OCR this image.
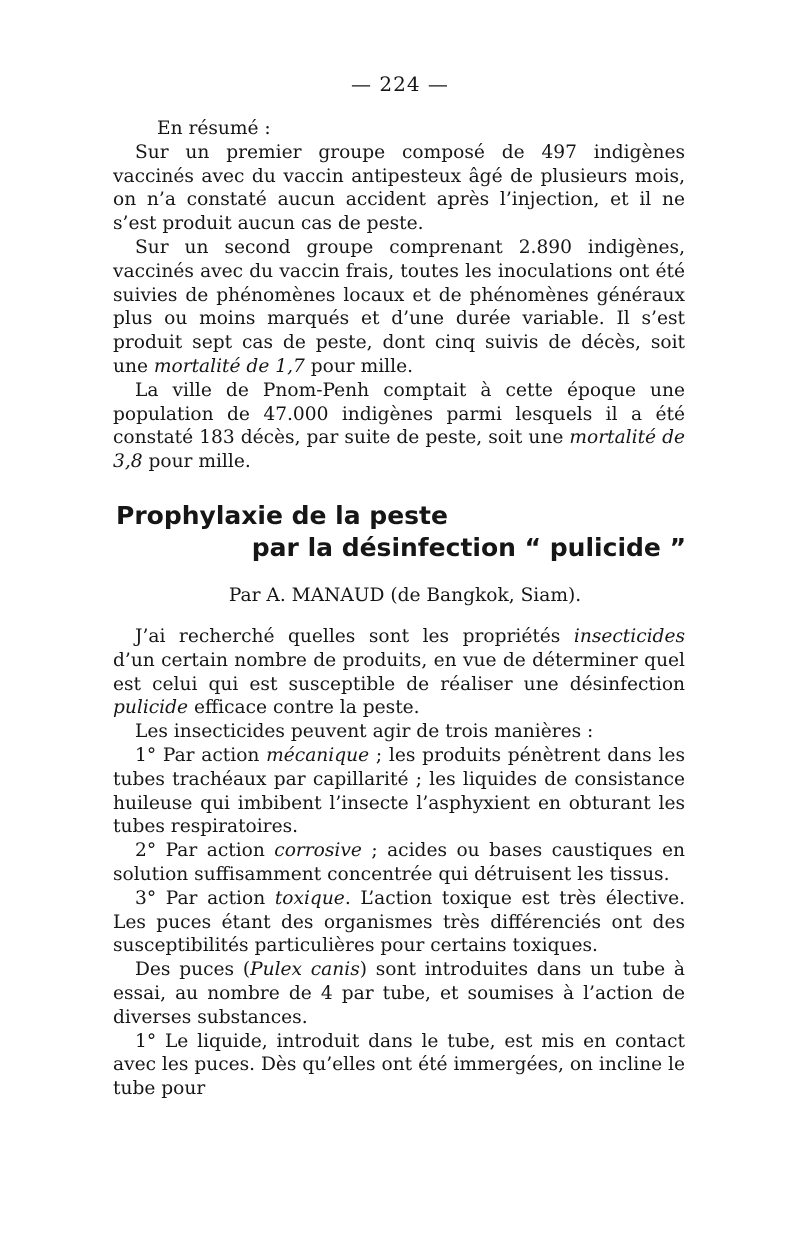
— 224 —

En résumé :

Sur un premier groupe composé de 497 indigènes vaccinés avec du vaccin antipesteux âgé de plusieurs mois, on n’a constaté aucun accident après l’injection, et il ne s’est produit aucun cas de peste.

Sur un second groupe comprenant 2.890 indigènes, vaccinés avec du vaccin frais, toutes les inoculations ont été suivies de phénomènes locaux et de phénomènes généraux plus ou moins marqués et d’une durée variable. Il s’est produit sept cas de peste, dont cinq suivis de décès, soit une mortalité de 1,7 pour mille.

La ville de Pnom-Penh comptait à cette époque une population de 47.000 indigènes parmi lesquels il a été constaté 183 décès, par suite de peste, soit une mortalité de 3,8 pour mille.

Prophylaxie de la peste
par la désinfection “ pulicide ”
Par A. MANAUD (de Bangkok, Siam).

J’ai recherché quelles sont les propriétés insecticides d’un certain nombre de produits, en vue de déterminer quel est celui qui est susceptible de réaliser une désinfection pulicide efficace contre la peste.

Les insecticides peuvent agir de trois manières :

1° Par action mécanique ; les produits pénètrent dans les tubes trachéaux par capillarité ; les liquides de consistance huileuse qui imbibent l’insecte l’asphyxient en obturant les tubes respiratoires.

2° Par action corrosive ; acides ou bases caustiques en solution suffisamment concentrée qui détruisent les tissus.

3° Par action toxique. L’action toxique est très élective. Les puces étant des organismes très différenciés ont des susceptibilités particulières pour certains toxiques.

Des puces (Pulex canis) sont introduites dans un tube à essai, au nombre de 4 par tube, et soumises à l’action de diverses substances.

1° Le liquide, introduit dans le tube, est mis en contact avec les puces. Dès qu’elles ont été immergées, on incline le tube pour
